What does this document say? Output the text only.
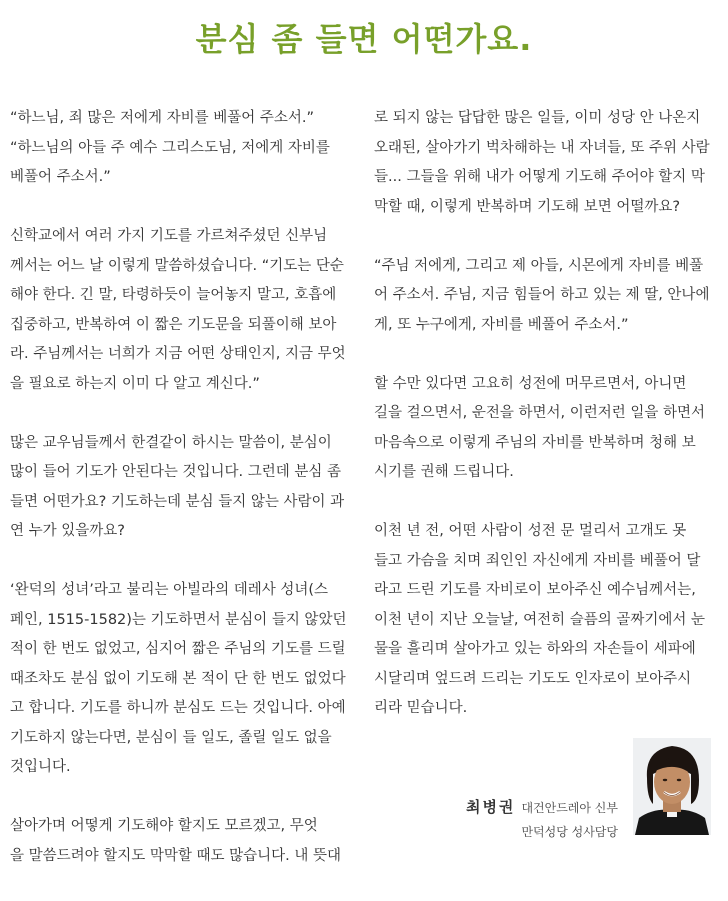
분심 좀 들면 어떤가요.

“하느님, 죄 많은 저에게 자비를 베풀어 주소서.”
“하느님의 아들 주 예수 그리스도님, 저에게 자비를
베풀어 주소서.”

신학교에서 여러 가지 기도를 가르쳐주셨던 신부님
께서는 어느 날 이렇게 말씀하셨습니다. “기도는 단순
해야 한다. 긴 말, 타령하듯이 늘어놓지 말고, 호흡에
집중하고, 반복하여 이 짧은 기도문을 되풀이해 보아
라. 주님께서는 너희가 지금 어떤 상태인지, 지금 무엇
을 필요로 하는지 이미 다 알고 계신다.”

많은 교우님들께서 한결같이 하시는 말씀이, 분심이
많이 들어 기도가 안된다는 것입니다. 그런데 분심 좀
들면 어떤가요? 기도하는데 분심 들지 않는 사람이 과
연 누가 있을까요?

‘완덕의 성녀’라고 불리는 아빌라의 데레사 성녀(스
페인, 1515-1582)는 기도하면서 분심이 들지 않았던
적이 한 번도 없었고, 심지어 짧은 주님의 기도를 드릴
때조차도 분심 없이 기도해 본 적이 단 한 번도 없었다
고 합니다. 기도를 하니까 분심도 드는 것입니다. 아예
기도하지 않는다면, 분심이 들 일도, 졸릴 일도 없을
것입니다.

살아가며 어떻게 기도해야 할지도 모르겠고, 무엇
을 말씀드려야 할지도 막막할 때도 많습니다. 내 뜻대

로 되지 않는 답답한 많은 일들, 이미 성당 안 나온지
오래된, 살아가기 벅차해하는 내 자녀들, 또 주위 사람
들... 그들을 위해 내가 어떻게 기도해 주어야 할지 막
막할 때, 이렇게 반복하며 기도해 보면 어떨까요?

“주님 저에게, 그리고 제 아들, 시몬에게 자비를 베풀
어 주소서. 주님, 지금 힘들어 하고 있는 제 딸, 안나에
게, 또 누구에게, 자비를 베풀어 주소서.”

할 수만 있다면 고요히 성전에 머무르면서, 아니면
길을 걸으면서, 운전을 하면서, 이런저런 일을 하면서
마음속으로 이렇게 주님의 자비를 반복하며 청해 보
시기를 권해 드립니다.

이천 년 전, 어떤 사람이 성전 문 멀리서 고개도 못
들고 가슴을 치며 죄인인 자신에게 자비를 베풀어 달
라고 드린 기도를 자비로이 보아주신 예수님께서는,
이천 년이 지난 오늘날, 여전히 슬픔의 골짜기에서 눈
물을 흘리며 살아가고 있는 하와의 자손들이 세파에
시달리며 엎드려 드리는 기도도 인자로이 보아주시
리라 믿습니다.

최병권 대건안드레아 신부
만덕성당 성사담당
